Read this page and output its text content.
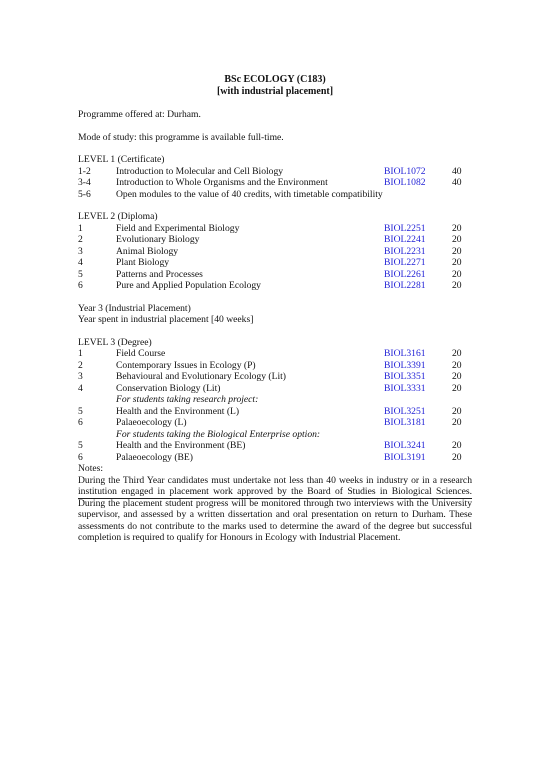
BSc ECOLOGY (C183)
[with industrial placement]

Programme offered at: Durham.

Mode of study: this programme is available full-time.

LEVEL 1 (Certificate)
1-2	Introduction to Molecular and Cell Biology	BIOL1072	40
3-4	Introduction to Whole Organisms and the Environment	BIOL1082	40
5-6	Open modules to the value of 40 credits, with timetable compatibility
LEVEL 2 (Diploma)
1	Field and Experimental Biology	BIOL2251	20
2	Evolutionary Biology	BIOL2241	20
3	Animal Biology	BIOL2231	20
4	Plant Biology	BIOL2271	20
5	Patterns and Processes	BIOL2261	20
6	Pure and Applied Population Ecology	BIOL2281	20
Year 3 (Industrial Placement)
Year spent in industrial placement [40 weeks]
LEVEL 3 (Degree)
1	Field Course	BIOL3161	20
2	Contemporary Issues in Ecology (P)	BIOL3391	20
3	Behavioural and Evolutionary Ecology (Lit)	BIOL3351	20
4	Conservation Biology (Lit)	BIOL3331	20
For students taking research project:
5	Health and the Environment (L)	BIOL3251	20
6	Palaeoecology (L)	BIOL3181	20
For students taking the Biological Enterprise option:
5	Health and the Environment (BE)	BIOL3241	20
6	Palaeoecology (BE)	BIOL3191	20
Notes:
During the Third Year candidates must undertake not less than 40 weeks in industry or in a research institution engaged in placement work approved by the Board of Studies in Biological Sciences. During the placement student progress will be monitored through two interviews with the University supervisor, and assessed by a written dissertation and oral presentation on return to Durham. These assessments do not contribute to the marks used to determine the award of the degree but successful completion is required to qualify for Honours in Ecology with Industrial Placement.
